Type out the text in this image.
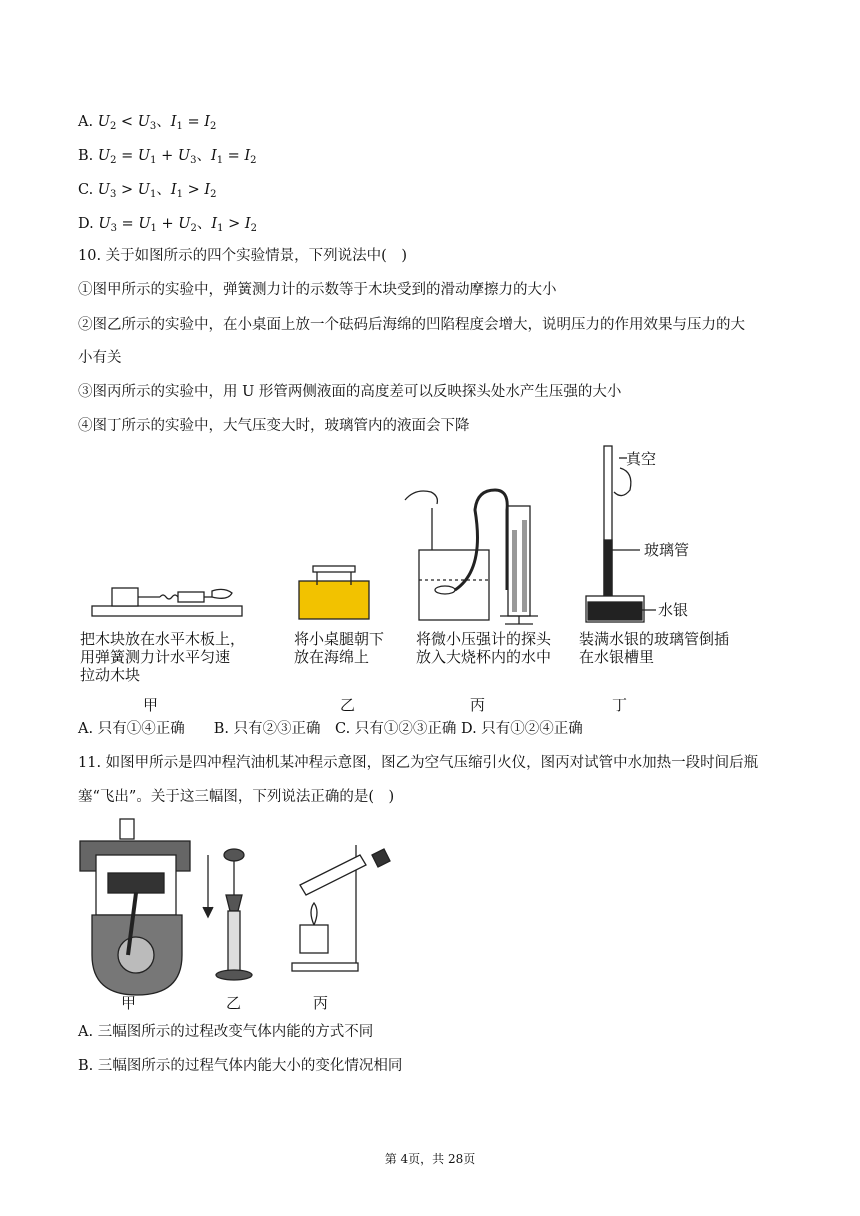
A. $U_2 < U_3$、$I_1 = I_2$
B. $U_2 = U_1 + U_3$、$I_1 = I_2$
C. $U_3 > U_1$、$I_1 > I_2$
D. $U_3 = U_1 + U_2$、$I_1 > I_2$
10. 关于如图所示的四个实验情景，下列说法中(　)
①图甲所示的实验中，弹簧测力计的示数等于木块受到的滑动摩擦力的大小
②图乙所示的实验中，在小桌面上放一个砝码后海绵的凹陷程度会增大，说明压力的作用效果与压力的大
小有关
③图丙所示的实验中，用 U 形管两侧液面的高度差可以反映探头处水产生压强的大小
④图丁所示的实验中，大气压变大时，玻璃管内的液面会下降
真空
玻璃管
水银
把木块放在水平木板上，
用弹簧测力计水平匀速
拉动木块
将小桌腿朝下
放在海绵上
将微小压强计的探头
放入大烧杯内的水中
装满水银的玻璃管倒插
在水银槽里
甲	乙	丙	丁
A. 只有①④正确　　B. 只有②③正确　C. 只有①②③正确 D. 只有①②④正确
11. 如图甲所示是四冲程汽油机某冲程示意图，图乙为空气压缩引火仪，图丙对试管中水加热一段时间后瓶
塞“飞出”。关于这三幅图，下列说法正确的是(　)
甲	乙	丙
A. 三幅图所示的过程改变气体内能的方式不同
B. 三幅图所示的过程气体内能大小的变化情况相同
第 4页，共 28页
